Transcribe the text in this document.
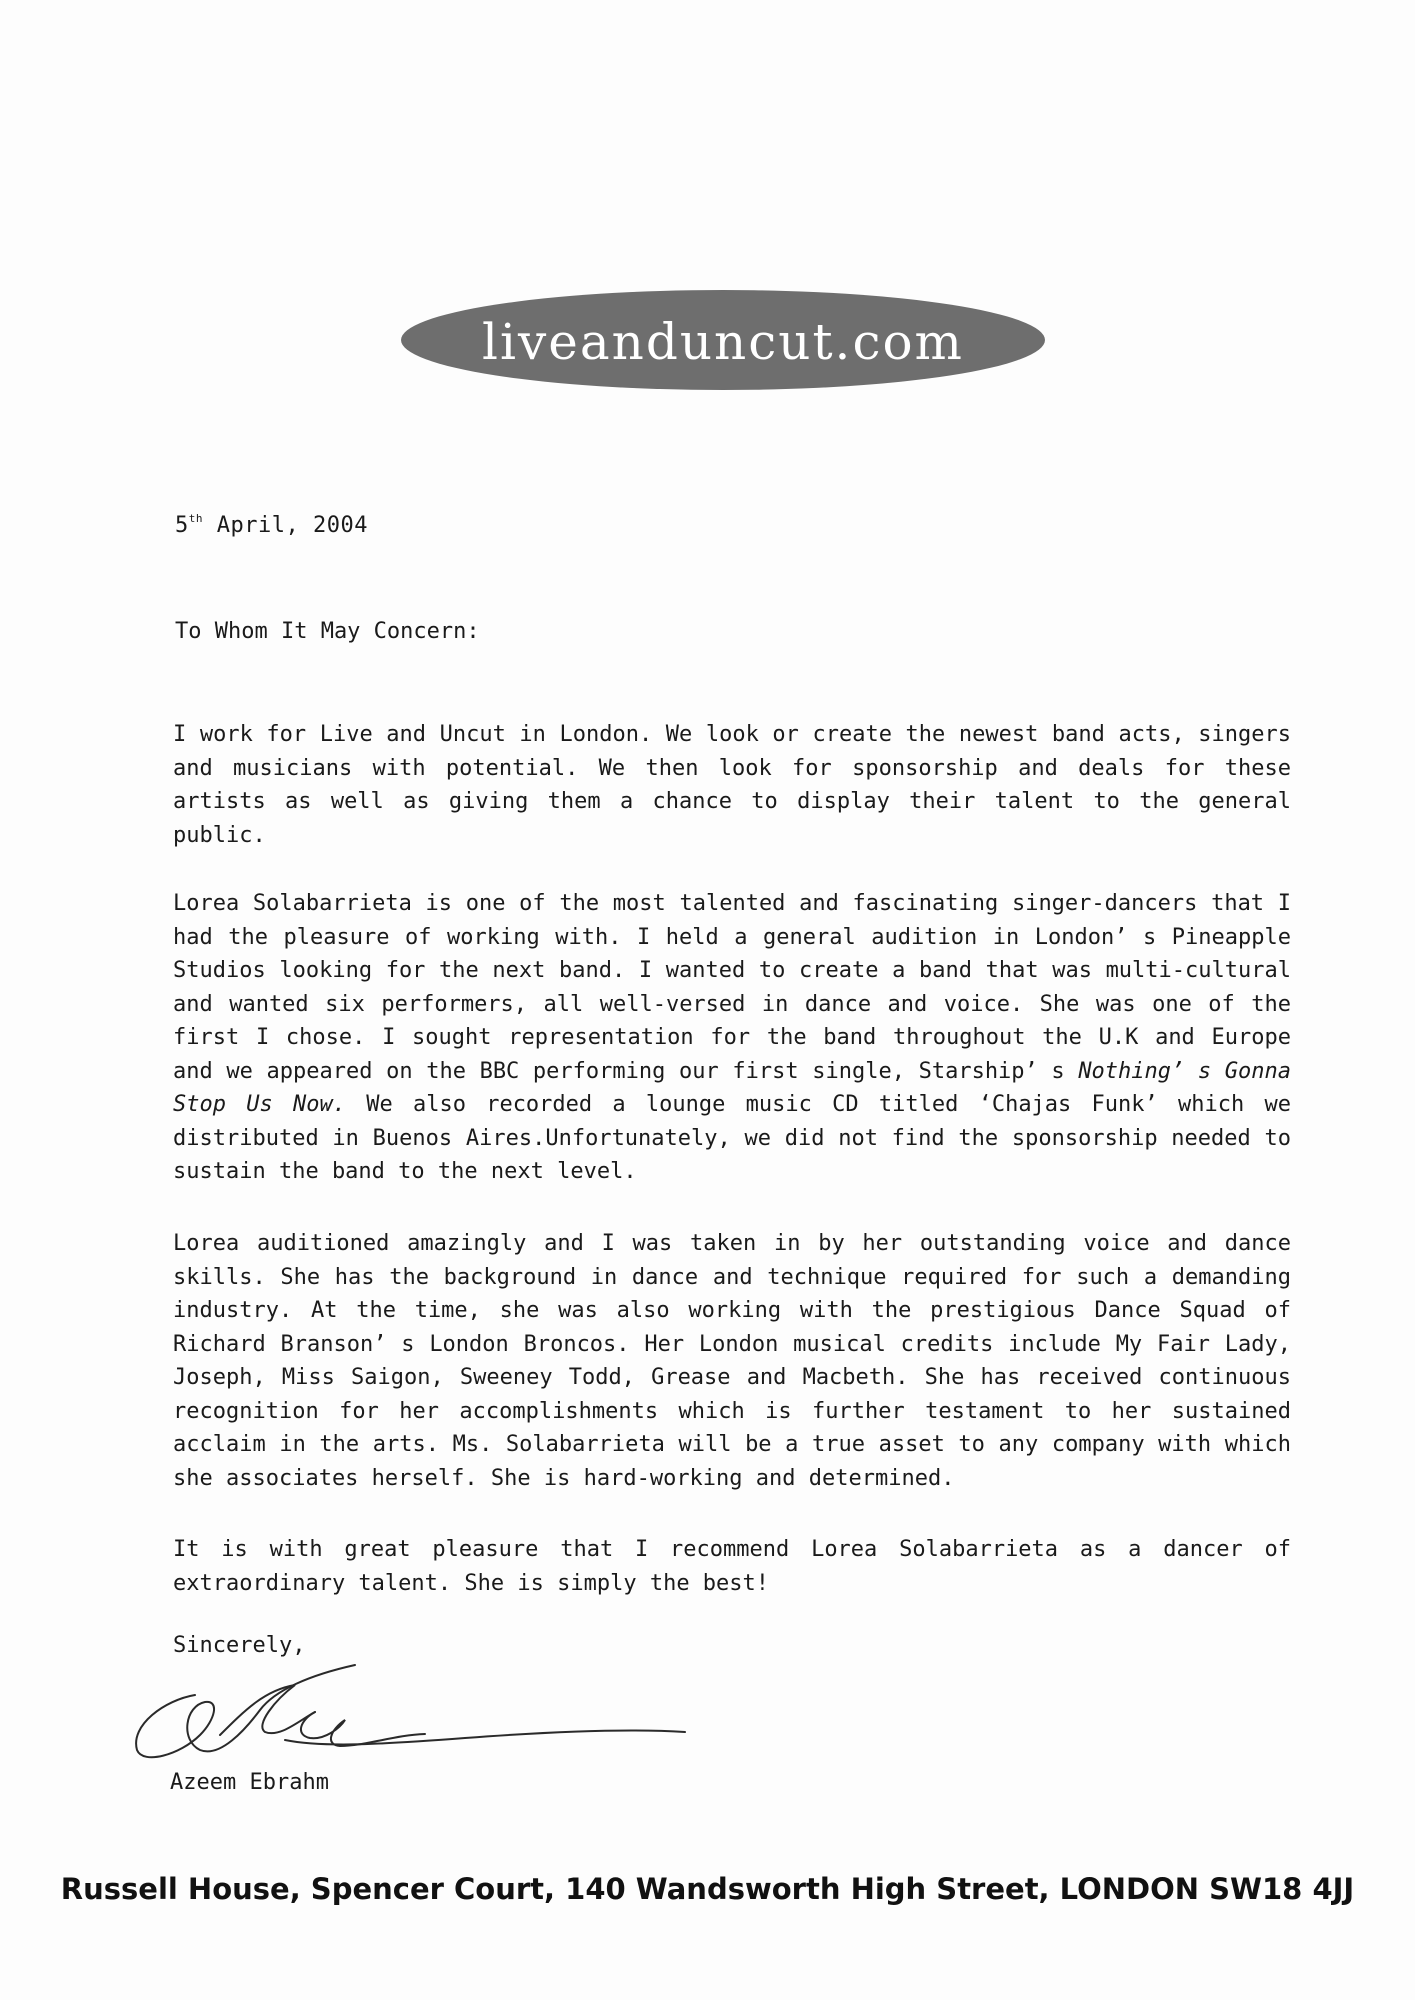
liveanduncut.com
5th April, 2004
To Whom It May Concern:

I work for Live and Uncut in London. We look or create the newest band acts, singers and musicians with potential. We then look for sponsorship and deals for these artists as well as giving them a chance to display their talent to the general public.

Lorea Solabarrieta is one of the most talented and fascinating singer-dancers that I had the pleasure of working with. I held a general audition in London’ s Pineapple Studios looking for the next band. I wanted to create a band that was multi-cultural and wanted six performers, all well-versed in dance and voice. She was one of the first I chose. I sought representation for the band throughout the U.K and Europe and we appeared on the BBC performing our first single, Starship’ s Nothing’ s Gonna Stop Us Now. We also recorded a lounge music CD titled ‘Chajas Funk’ which we distributed in Buenos Aires.Unfortunately, we did not find the sponsorship needed to sustain the band to the next level.

Lorea auditioned amazingly and I was taken in by her outstanding voice and dance skills. She has the background in dance and technique required for such a demanding industry. At the time, she was also working with the prestigious Dance Squad of Richard Branson’ s London Broncos. Her London musical credits include My Fair Lady, Joseph, Miss Saigon, Sweeney Todd, Grease and Macbeth. She has received continuous recognition for her accomplishments which is further testament to her sustained acclaim in the arts. Ms. Solabarrieta will be a true asset to any company with which she associates herself. She is hard-working and determined.

It is with great pleasure that I recommend Lorea Solabarrieta as a dancer of extraordinary talent. She is simply the best!

Sincerely,
Azeem Ebrahm
Russell House, Spencer Court, 140 Wandsworth High Street, LONDON SW18 4JJ
